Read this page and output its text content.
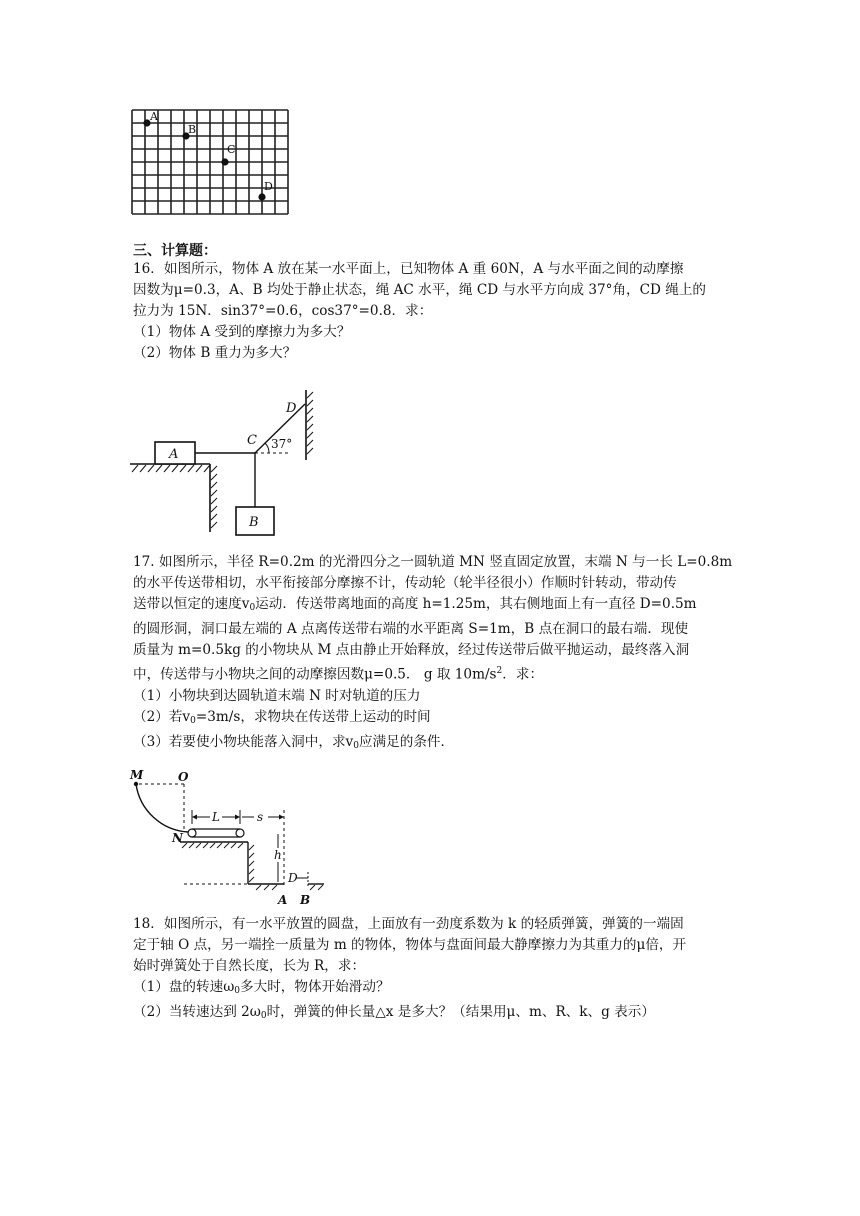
A
B
C
D
三、计算题：
16．如图所示，物体 A 放在某一水平面上，已知物体 A 重 60N，A 与水平面之间的动摩擦
因数为μ=0.3，A、B 均处于静止状态，绳 AC 水平，绳 CD 与水平方向成 37°角，CD 绳上的
拉力为 15N．sin37°=0.6，cos37°=0.8．求：
（1）物体 A 受到的摩擦力为多大？
（2）物体 B 重力为多大？
A
B
C
D
37°
17. 如图所示，半径 R=0.2m 的光滑四分之一圆轨道 MN 竖直固定放置，末端 N 与一长 L=0.8m
的水平传送带相切，水平衔接部分摩擦不计，传动轮（轮半径很小）作顺时针转动，带动传
送带以恒定的速度$v_0$运动．传送带离地面的高度 h=1.25m，其右侧地面上有一直径 D=0.5m
的圆形洞，洞口最左端的 A 点离传送带右端的水平距离 S=1m，B 点在洞口的最右端．现使
质量为 m=0.5kg 的小物块从 M 点由静止开始释放，经过传送带后做平抛运动，最终落入洞
中，传送带与小物块之间的动摩擦因数μ=0.5． g 取 $10m/s^2$．求：
（1）小物块到达圆轨道末端 N 时对轨道的压力
（2）若$v_0=3m/s$，求物块在传送带上运动的时间
（3）若要使小物块能落入洞中，求$v_0$应满足的条件．
M	O
N
L	s
h
D
A B
18．如图所示，有一水平放置的圆盘，上面放有一劲度系数为 k 的轻质弹簧，弹簧的一端固
定于轴 O 点，另一端拴一质量为 m 的物体，物体与盘面间最大静摩擦力为其重力的μ倍，开
始时弹簧处于自然长度，长为 R，求：
（1）盘的转速$\omega_0$多大时，物体开始滑动？
（2）当转速达到 $2\omega_0$时，弹簧的伸长量△x 是多大？（结果用μ、m、R、k、g 表示）
